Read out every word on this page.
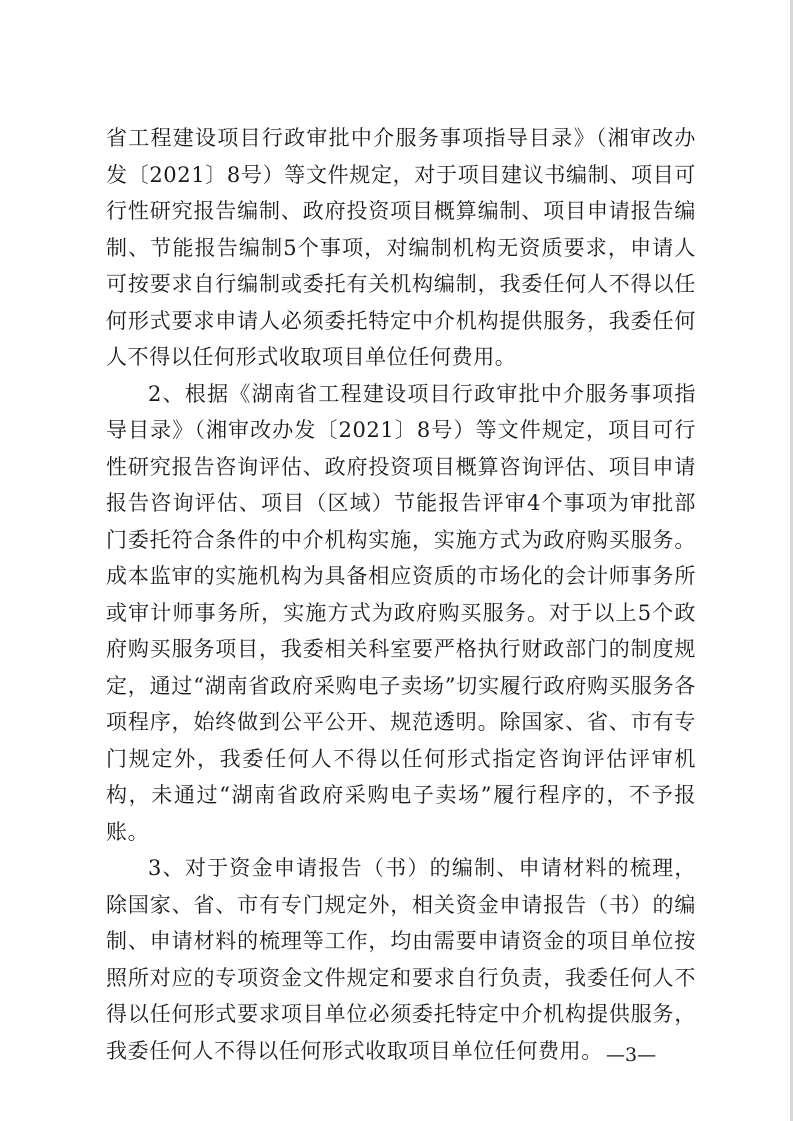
省工程建设项目行政审批中介服务事项指导目录》（湘审改办发〔2021〕8号）等文件规定，对于项目建议书编制、项目可行性研究报告编制、政府投资项目概算编制、项目申请报告编制、节能报告编制5个事项，对编制机构无资质要求，申请人可按要求自行编制或委托有关机构编制，我委任何人不得以任何形式要求申请人必须委托特定中介机构提供服务，我委任何人不得以任何形式收取项目单位任何费用。

2、根据《湖南省工程建设项目行政审批中介服务事项指导目录》（湘审改办发〔2021〕8号）等文件规定，项目可行性研究报告咨询评估、政府投资项目概算咨询评估、项目申请报告咨询评估、项目（区域）节能报告评审4个事项为审批部门委托符合条件的中介机构实施，实施方式为政府购买服务。成本监审的实施机构为具备相应资质的市场化的会计师事务所或审计师事务所，实施方式为政府购买服务。对于以上5个政府购买服务项目，我委相关科室要严格执行财政部门的制度规定，通过“湖南省政府采购电子卖场”切实履行政府购买服务各项程序，始终做到公平公开、规范透明。除国家、省、市有专门规定外，我委任何人不得以任何形式指定咨询评估评审机构，未通过“湖南省政府采购电子卖场”履行程序的，不予报账。

3、对于资金申请报告（书）的编制、申请材料的梳理，除国家、省、市有专门规定外，相关资金申请报告（书）的编制、申请材料的梳理等工作，均由需要申请资金的项目单位按照所对应的专项资金文件规定和要求自行负责，我委任何人不得以任何形式要求项目单位必须委托特定中介机构提供服务，我委任何人不得以任何形式收取项目单位任何费用。 —3—
